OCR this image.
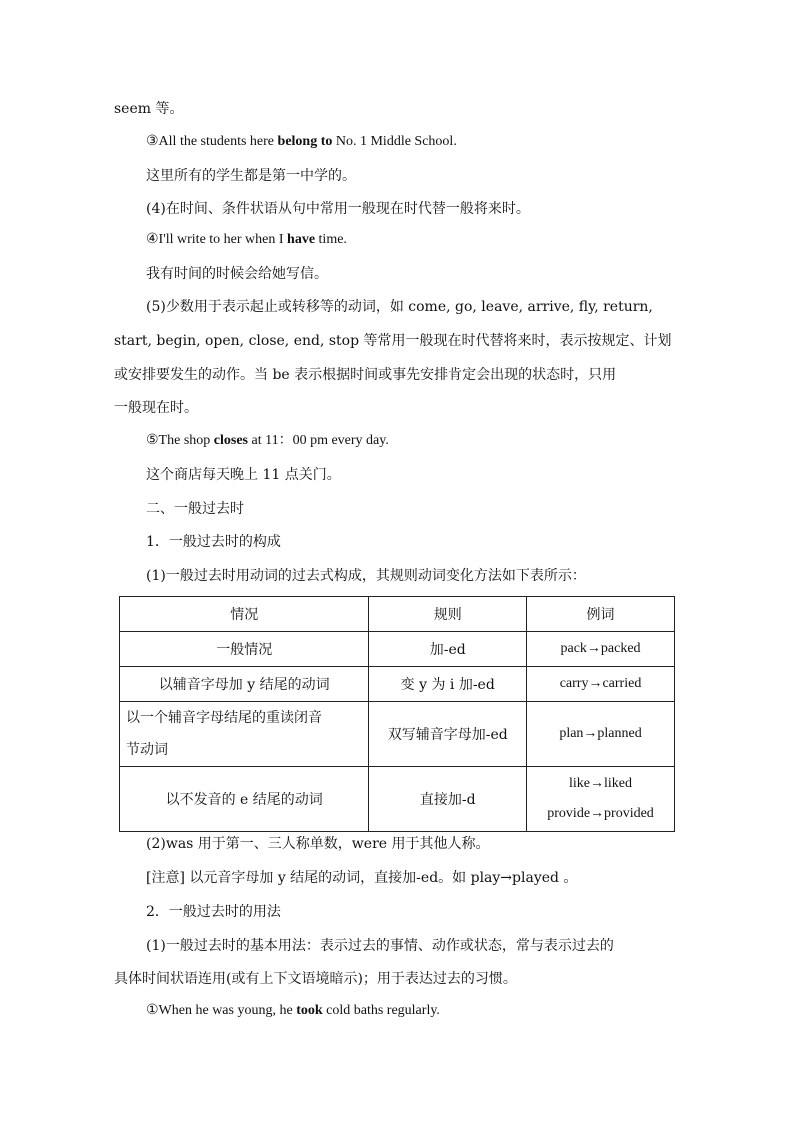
seem 等。
③All the students here belong to No. 1 Middle School.
这里所有的学生都是第一中学的。
(4)在时间、条件状语从句中常用一般现在时代替一般将来时。
④I'll write to her when I have time.
我有时间的时候会给她写信。
(5)少数用于表示起止或转移等的动词，如 come, go, leave, arrive, fly, return,
start, begin, open, close, end, stop 等常用一般现在时代替将来时，表示按规定、计划
或安排要发生的动作。当 be 表示根据时间或事先安排肯定会出现的状态时，只用
一般现在时。
⑤The shop closes at 11：00 pm every day.
这个商店每天晚上 11 点关门。
二、一般过去时
1．一般过去时的构成
(1)一般过去时用动词的过去式构成，其规则动词变化方法如下表所示：
情况	规则	例词
一般情况	加-ed	pack→packed
以辅音字母加 y 结尾的动词	变 y 为 i 加-ed	carry→carried
以一个辅音字母结尾的重读闭音
节动词	双写辅音字母加-ed	plan→planned
以不发音的 e 结尾的动词	直接加-d	like→liked
provide→provided
(2)was 用于第一、三人称单数，were 用于其他人称。
[注意] 以元音字母加 y 结尾的动词，直接加-ed。如 play→played 。
2．一般过去时的用法
(1)一般过去时的基本用法：表示过去的事情、动作或状态，常与表示过去的
具体时间状语连用(或有上下文语境暗示)；用于表达过去的习惯。
①When he was young, he took cold baths regularly.
